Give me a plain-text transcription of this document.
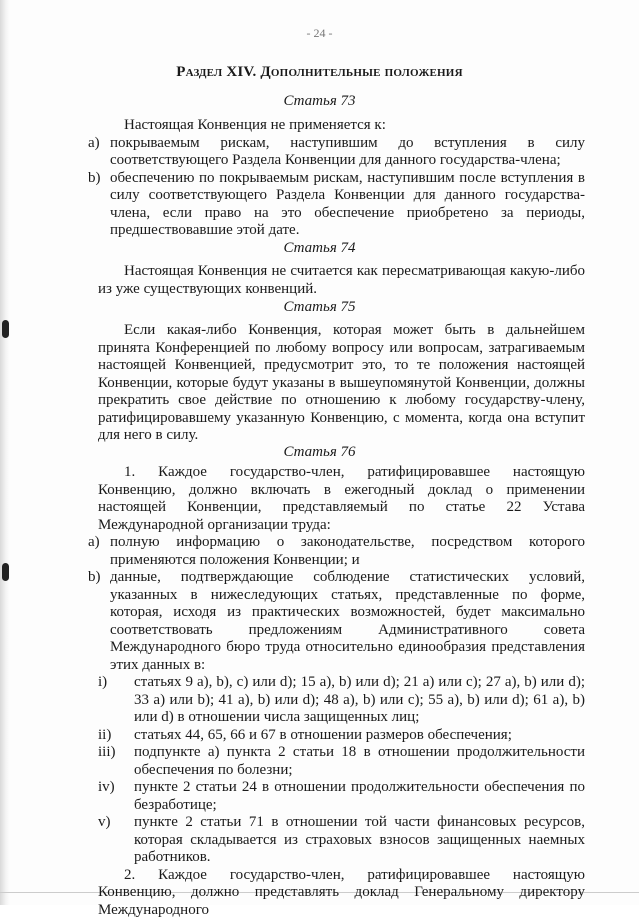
- 24 -
Раздел XIV. Дополнительные положения
Статья 73

Настоящая Конвенция не применяется к:

a) покрываемым рискам, наступившим до вступления в силу соответствующего Раздела Конвенции для данного государства-члена;
b) обеспечению по покрываемым рискам, наступившим после вступления в силу соответствующего Раздела Конвенции для данного государства-члена, если право на это обеспечение приобретено за периоды, предшествовавшие этой дате.
Статья 74

Настоящая Конвенция не считается как пересматривающая какую-либо из уже существующих конвенций.

Статья 75

Если какая-либо Конвенция, которая может быть в дальнейшем принята Конференцией по любому вопросу или вопросам, затрагиваемым настоящей Конвенцией, предусмотрит это, то те положения настоящей Конвенции, которые будут указаны в вышеупомянутой Конвенции, должны прекратить свое действие по отношению к любому государству-члену, ратифицировавшему указанную Конвенцию, с момента, когда она вступит для него в силу.

Статья 76

1. Каждое государство-член, ратифицировавшее настоящую Конвенцию, должно включать в ежегодный доклад о применении настоящей Конвенции, представляемый по статье 22 Устава Международной организации труда:

a) полную информацию о законодательстве, посредством которого применяются положения Конвенции; и
b) данные, подтверждающие соблюдение статистических условий, указанных в нижеследующих статьях, представленные по форме, которая, исходя из практических возможностей, будет максимально соответствовать предложениям Административного совета Международного бюро труда относительно единообразия представления этих данных в:
i)	статьях 9 a), b), c) или d); 15 a), b) или d); 21 a) или c); 27 a), b) или d); 33 a) или b); 41 a), b) или d); 48 a), b) или c); 55 a), b) или d); 61 a), b) или d) в отношении числа защищенных лиц;
ii)	статьях 44, 65, 66 и 67 в отношении размеров обеспечения;
iii)	подпункте a) пункта 2 статьи 18 в отношении продолжительности обеспечения по болезни;
iv)	пункте 2 статьи 24 в отношении продолжительности обеспечения по безработице;
v)	пункте 2 статьи 71 в отношении той части финансовых ресурсов, которая складывается из страховых взносов защищенных наемных работников.

2. Каждое государство-член, ратифицировавшее настоящую Конвенцию, должно представлять доклад Генеральному директору Международного
